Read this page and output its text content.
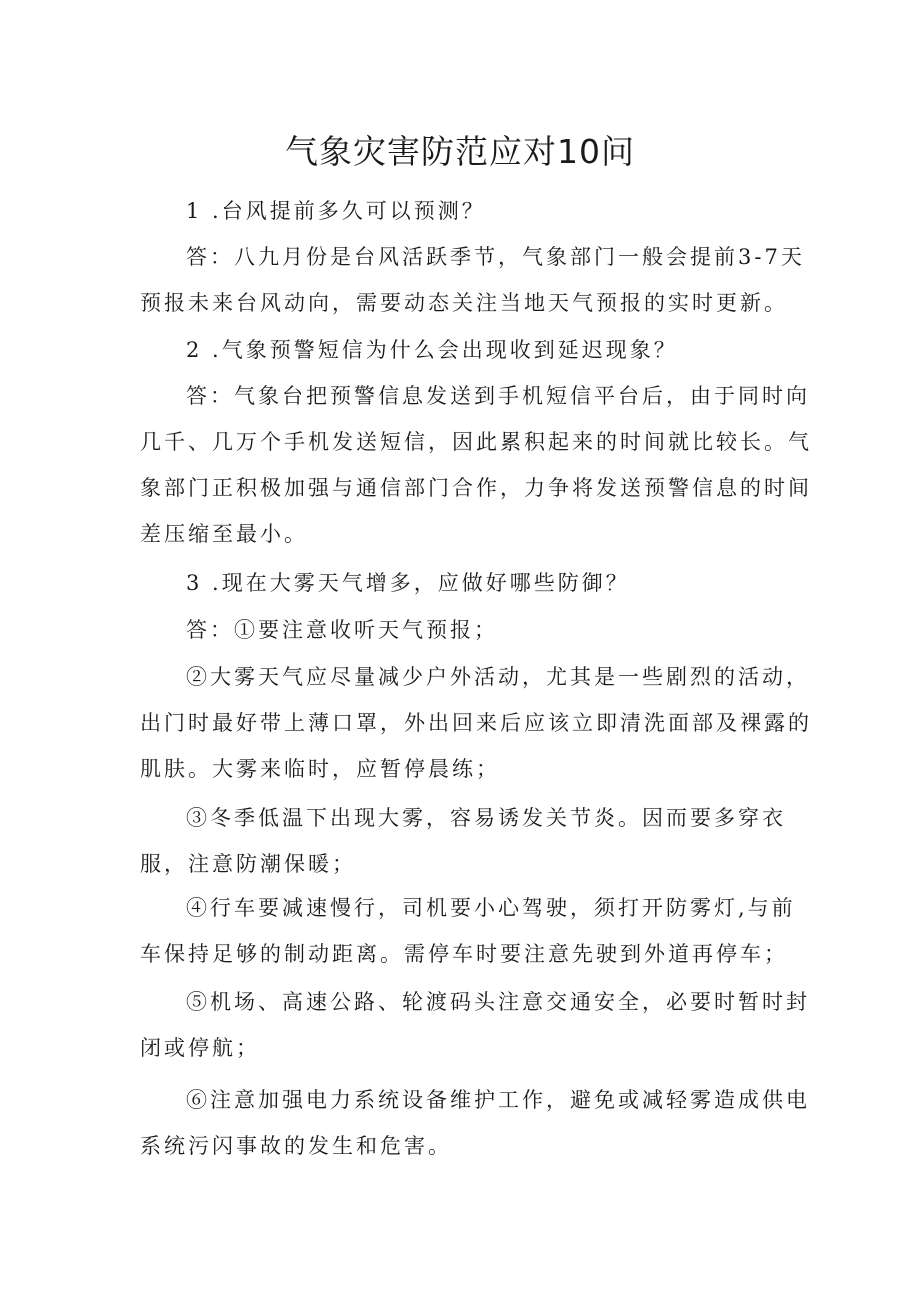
气象灾害防范应对10问

1 .台风提前多久可以预测？

答：八九月份是台风活跃季节，气象部门一般会提前3-7天预报未来台风动向，需要动态关注当地天气预报的实时更新。

2 .气象预警短信为什么会出现收到延迟现象？

答：气象台把预警信息发送到手机短信平台后，由于同时向几千、几万个手机发送短信，因此累积起来的时间就比较长。气象部门正积极加强与通信部门合作，力争将发送预警信息的时间差压缩至最小。

3 .现在大雾天气增多，应做好哪些防御？

答：①要注意收听天气预报；

②大雾天气应尽量减少户外活动，尤其是一些剧烈的活动，出门时最好带上薄口罩，外出回来后应该立即清洗面部及裸露的肌肤。大雾来临时，应暂停晨练；

③冬季低温下出现大雾，容易诱发关节炎。因而要多穿衣服，注意防潮保暖；

④行车要减速慢行，司机要小心驾驶，须打开防雾灯,与前车保持足够的制动距离。需停车时要注意先驶到外道再停车；

⑤机场、高速公路、轮渡码头注意交通安全，必要时暂时封闭或停航；

⑥注意加强电力系统设备维护工作，避免或减轻雾造成供电系统污闪事故的发生和危害。
